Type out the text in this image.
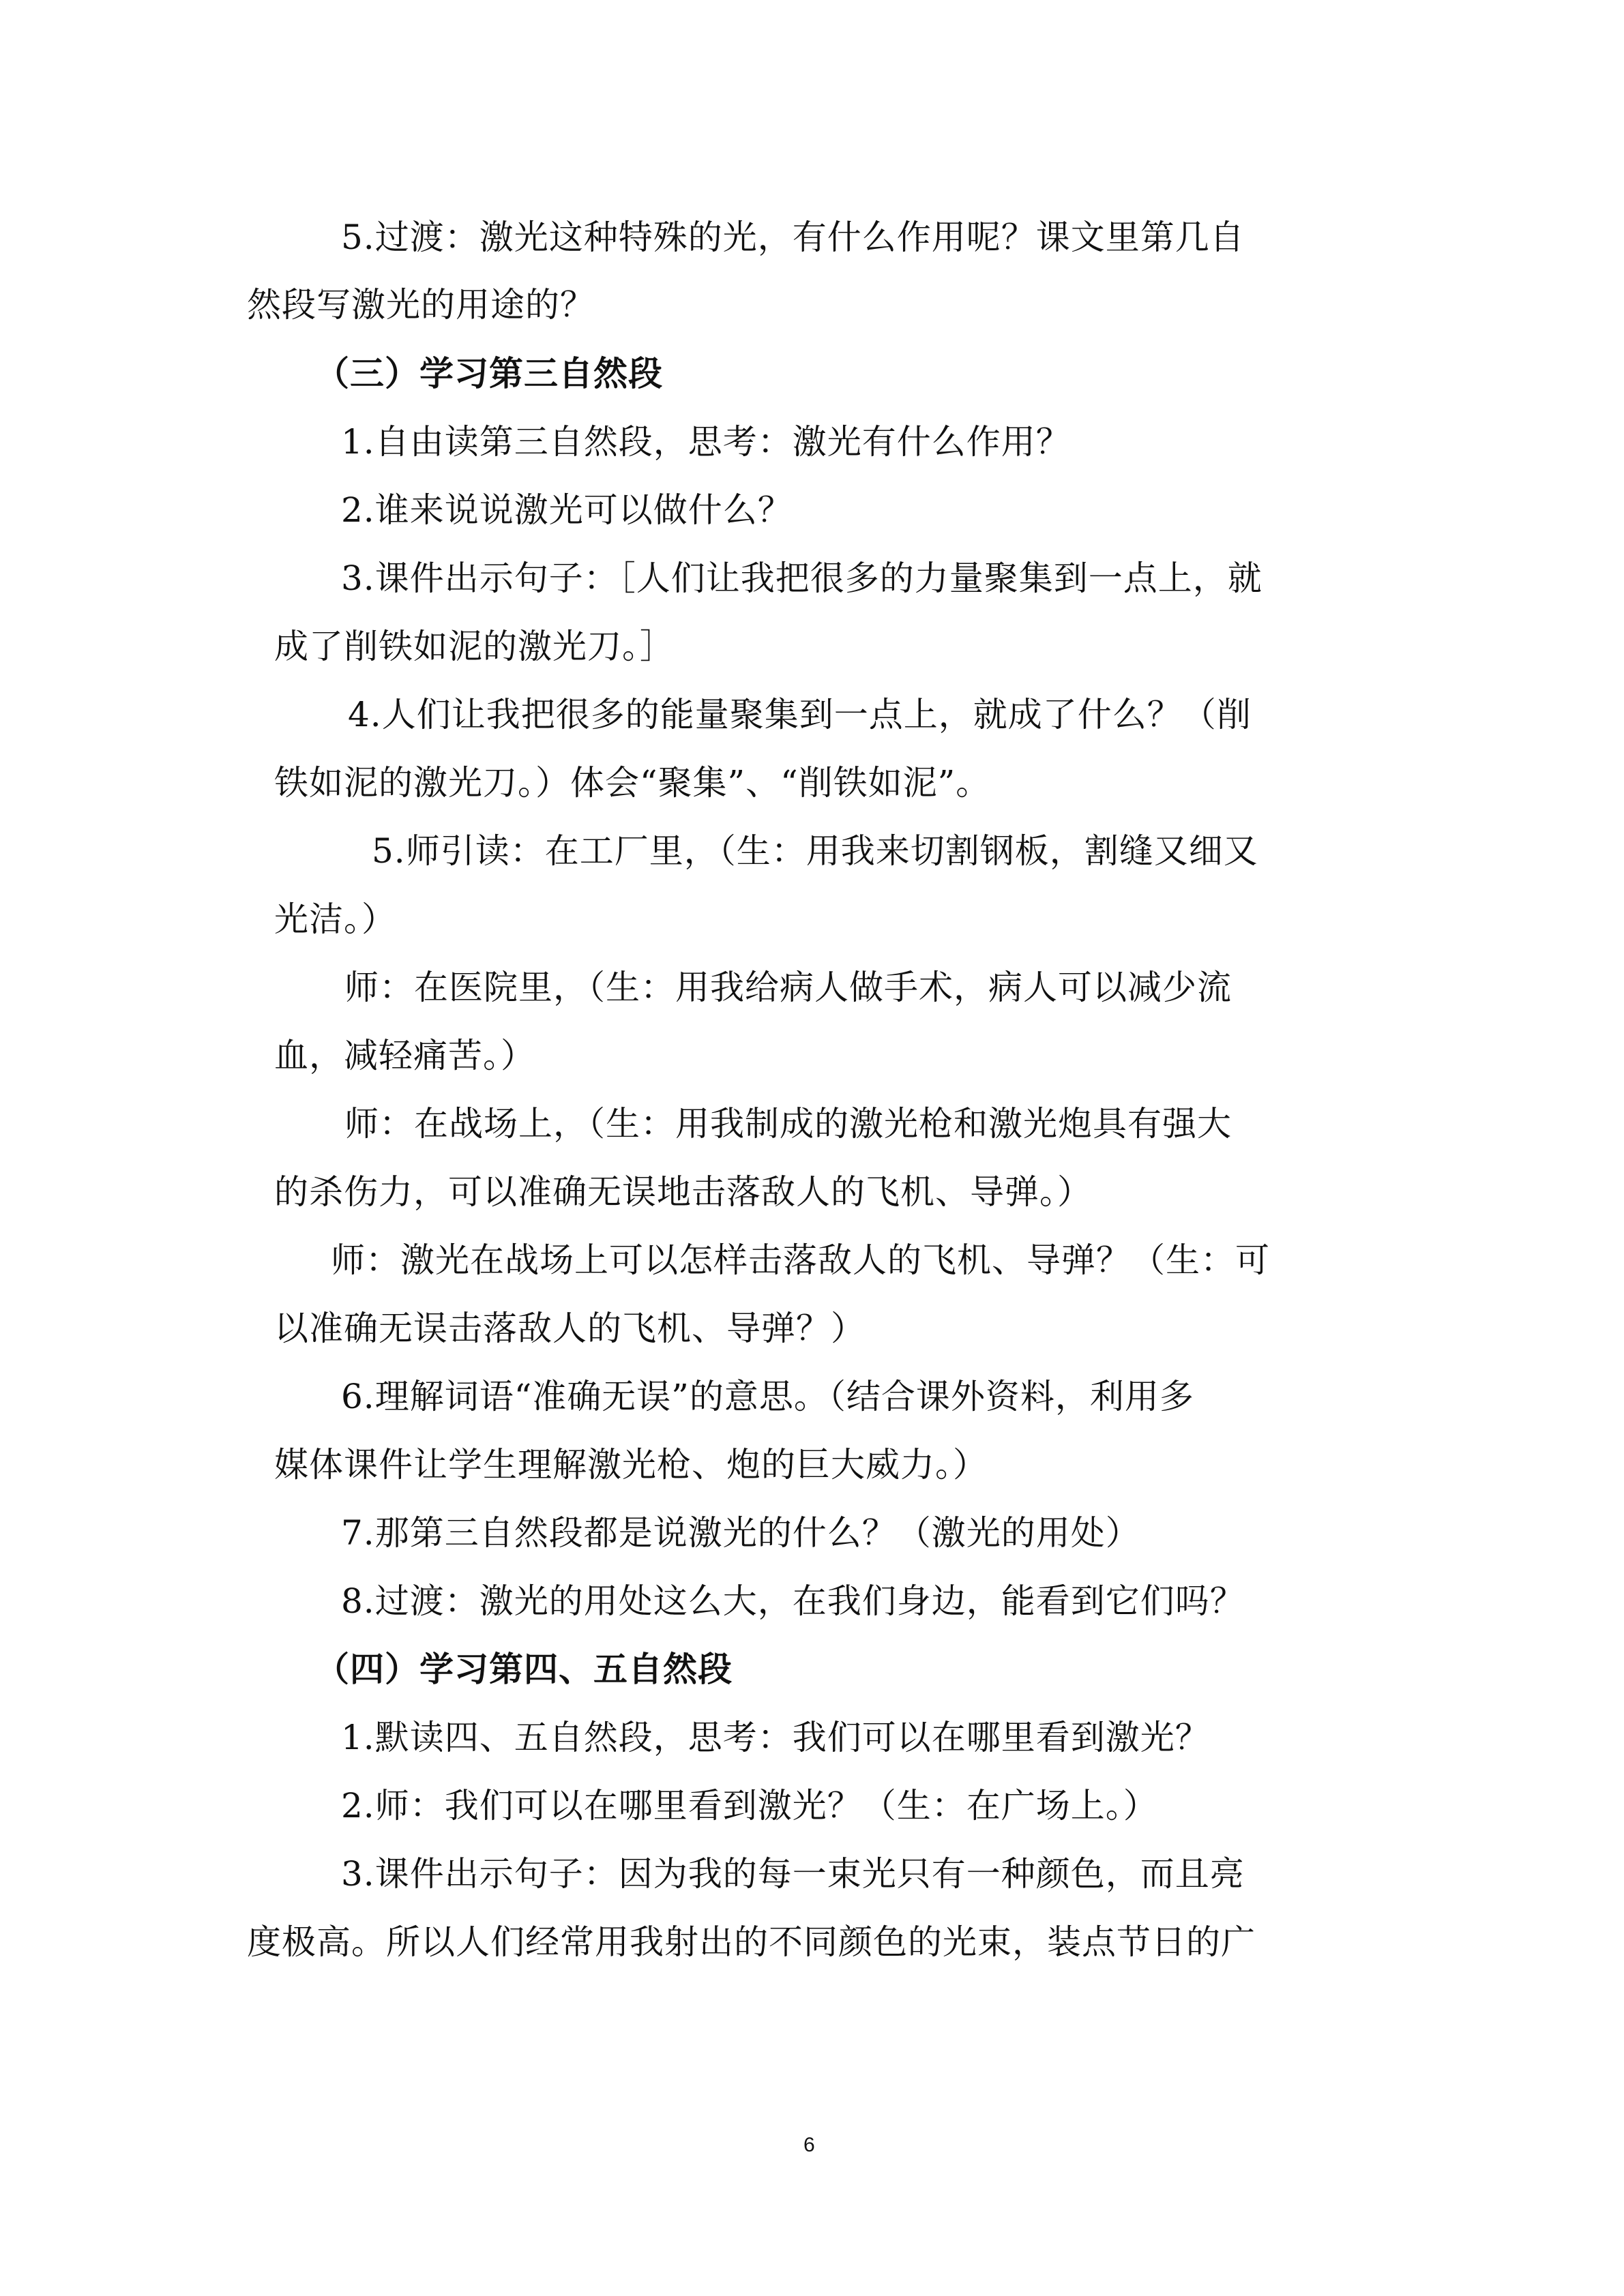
5.过渡：激光这种特殊的光，有什么作用呢？课文里第几自
然段写激光的用途的？
（三）学习第三自然段
1.自由读第三自然段，思考：激光有什么作用？
2.谁来说说激光可以做什么？
3.课件出示句子：［人们让我把很多的力量聚集到一点上，就
成了削铁如泥的激光刀。］
4.人们让我把很多的能量聚集到一点上，就成了什么？（削
铁如泥的激光刀。）体会“聚集”、“削铁如泥”。
5.师引读：在工厂里，（生：用我来切割钢板，割缝又细又
光洁。）
师：在医院里，（生：用我给病人做手术，病人可以减少流
血，减轻痛苦。）
师：在战场上，（生：用我制成的激光枪和激光炮具有强大
的杀伤力，可以准确无误地击落敌人的飞机、导弹。）
师：激光在战场上可以怎样击落敌人的飞机、导弹？（生：可
以准确无误击落敌人的飞机、导弹？）
6.理解词语“准确无误”的意思。（结合课外资料，利用多
媒体课件让学生理解激光枪、炮的巨大威力。）
7.那第三自然段都是说激光的什么？（激光的用处）
8.过渡：激光的用处这么大，在我们身边，能看到它们吗？
（四）学习第四、五自然段
1.默读四、五自然段，思考：我们可以在哪里看到激光？
2.师：我们可以在哪里看到激光？（生：在广场上。）
3.课件出示句子：因为我的每一束光只有一种颜色，而且亮
度极高。所以人们经常用我射出的不同颜色的光束，装点节日的广
6
